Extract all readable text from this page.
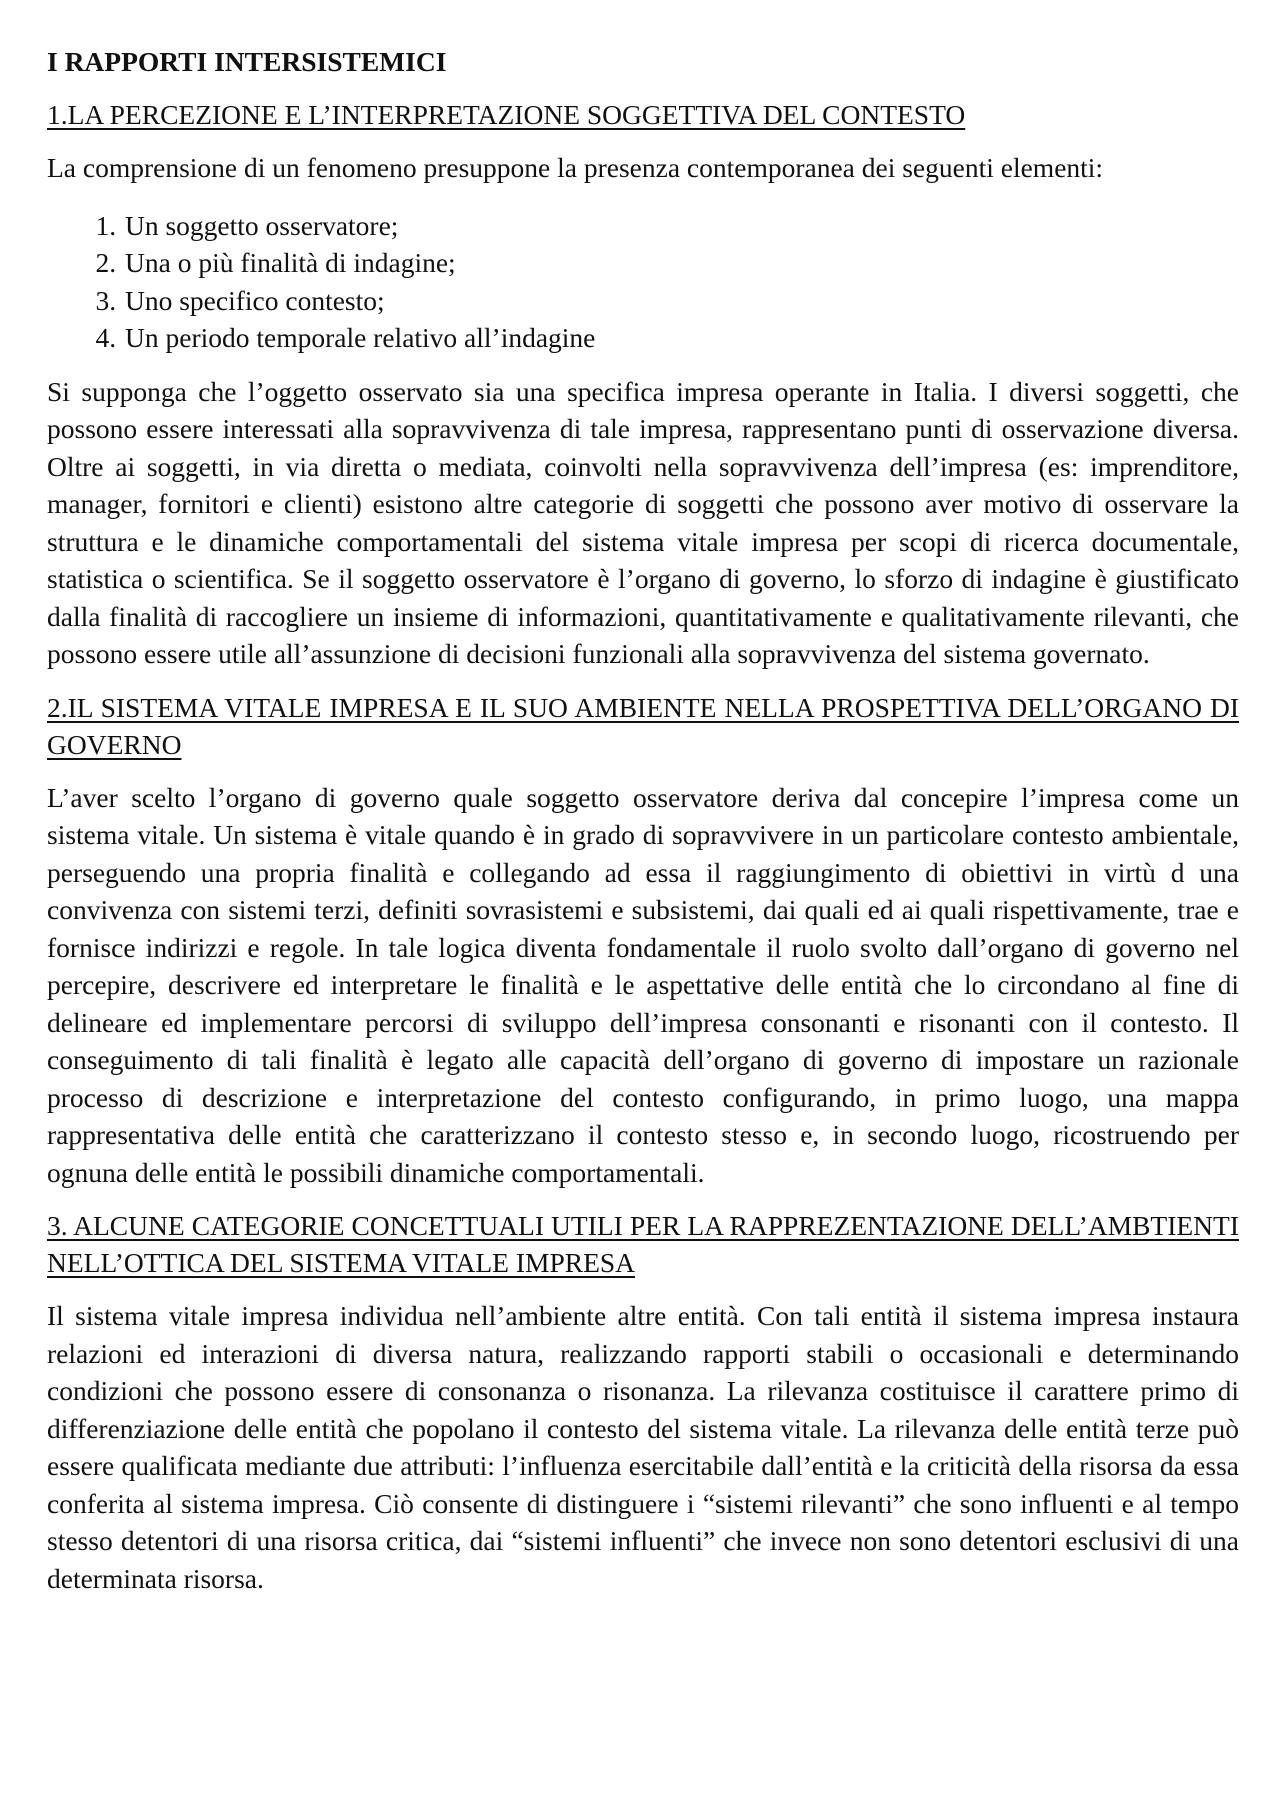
I RAPPORTI INTERSISTEMICI
1.LA PERCEZIONE E L’INTERPRETAZIONE SOGGETTIVA DEL CONTESTO

La comprensione di un fenomeno presuppone la presenza contemporanea dei seguenti elementi:

1. Un soggetto osservatore;
2. Una o più finalità di indagine;
3. Uno specifico contesto;
4. Un periodo temporale relativo all’indagine

Si supponga che l’oggetto osservato sia una specifica impresa operante in Italia. I diversi soggetti, che possono essere interessati alla sopravvivenza di tale impresa, rappresentano punti di osservazione diversa. Oltre ai soggetti, in via diretta o mediata, coinvolti nella sopravvivenza dell’impresa (es: imprenditore, manager, fornitori e clienti) esistono altre categorie di soggetti che possono aver motivo di osservare la struttura e le dinamiche comportamentali del sistema vitale impresa per scopi di ricerca documentale, statistica o scientifica. Se il soggetto osservatore è l’organo di governo, lo sforzo di indagine è giustificato dalla finalità di raccogliere un insieme di informazioni, quantitativamente e qualitativamente rilevanti, che possono essere utile all’assunzione di decisioni funzionali alla sopravvivenza del sistema governato.

2.IL SISTEMA VITALE IMPRESA E IL SUO AMBIENTE NELLA PROSPETTIVA DELL’ORGANO DI GOVERNO

L’aver scelto l’organo di governo quale soggetto osservatore deriva dal concepire l’impresa come un sistema vitale. Un sistema è vitale quando è in grado di sopravvivere in un particolare contesto ambientale, perseguendo una propria finalità e collegando ad essa il raggiungimento di obiettivi in virtù d una convivenza con sistemi terzi, definiti sovrasistemi e subsistemi, dai quali ed ai quali rispettivamente, trae e fornisce indirizzi e regole. In tale logica diventa fondamentale il ruolo svolto dall’organo di governo nel percepire, descrivere ed interpretare le finalità e le aspettative delle entità che lo circondano al fine di delineare ed implementare percorsi di sviluppo dell’impresa consonanti e risonanti con il contesto. Il conseguimento di tali finalità è legato alle capacità dell’organo di governo di impostare un razionale processo di descrizione e interpretazione del contesto configurando, in primo luogo, una mappa rappresentativa delle entità che caratterizzano il contesto stesso e, in secondo luogo, ricostruendo per ognuna delle entità le possibili dinamiche comportamentali.

3. ALCUNE CATEGORIE CONCETTUALI UTILI PER LA RAPPREZENTAZIONE DELL’AMBTIENTI NELL’OTTICA DEL SISTEMA VITALE IMPRESA

Il sistema vitale impresa individua nell’ambiente altre entità. Con tali entità il sistema impresa instaura relazioni ed interazioni di diversa natura, realizzando rapporti stabili o occasionali e determinando condizioni che possono essere di consonanza o risonanza. La rilevanza costituisce il carattere primo di differenziazione delle entità che popolano il contesto del sistema vitale. La rilevanza delle entità terze può essere qualificata mediante due attributi: l’influenza esercitabile dall’entità e la criticità della risorsa da essa conferita al sistema impresa. Ciò consente di distinguere i “sistemi rilevanti” che sono influenti e al tempo stesso detentori di una risorsa critica, dai “sistemi influenti” che invece non sono detentori esclusivi di una determinata risorsa.
